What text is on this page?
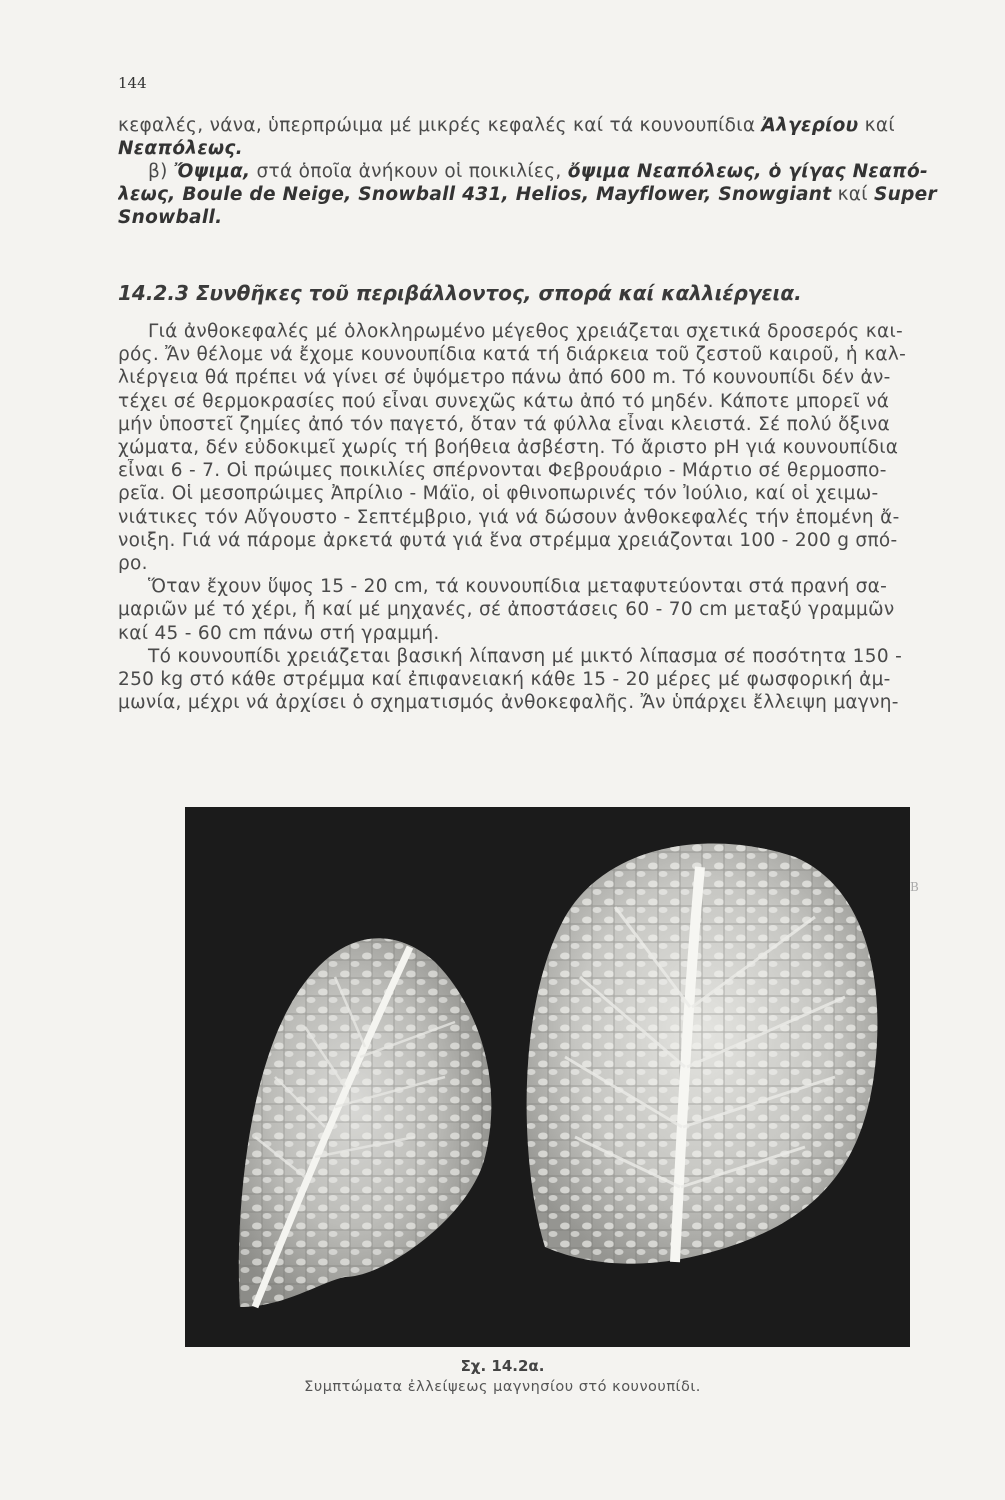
144
κεφαλές, νάνα, ὑπερπρώιμα μέ μικρές κεφαλές καί τά κουνουπίδια Ἀλγερίου καί
Νεαπόλεως.
β) Ὄψιμα, στά ὁποῖα ἀνήκουν οἱ ποικιλίες, ὄψιμα Νεαπόλεως, ὁ γίγας Νεαπό-
λεως, Boule de Neige, Snowball 431, Helios, Mayflower, Snowgiant καί Super
Snowball.
14.2.3 Συνθῆκες τοῦ περιβάλλοντος, σπορά καί καλλιέργεια.
Γιά ἀνθοκεφαλές μέ ὁλοκληρωμένο μέγεθος χρειάζεται σχετικά δροσερός και-
ρός. Ἄν θέλομε νά ἔχομε κουνουπίδια κατά τή διάρκεια τοῦ ζεστοῦ καιροῦ, ἡ καλ-
λιέργεια θά πρέπει νά γίνει σέ ὑψόμετρο πάνω ἀπό 600 m. Τό κουνουπίδι δέν ἀν-
τέχει σέ θερμοκρασίες πού εἶναι συνεχῶς κάτω ἀπό τό μηδέν. Κάποτε μπορεῖ νά
μήν ὑποστεῖ ζημίες ἀπό τόν παγετό, ὅταν τά φύλλα εἶναι κλειστά. Σέ πολύ ὄξινα
χώματα, δέν εὐδοκιμεῖ χωρίς τή βοήθεια ἀσβέστη. Τό ἄριστο pH γιά κουνουπίδια
εἶναι 6 - 7. Οἱ πρώιμες ποικιλίες σπέρνονται Φεβρουάριο - Μάρτιο σέ θερμοσπο-
ρεῖα. Οἱ μεσοπρώιμες Ἀπρίλιο - Μάϊο, οἱ φθινοπωρινές τόν Ἰούλιο, καί οἱ χειμω-
νιάτικες τόν Αὔγουστο - Σεπτέμβριο, γιά νά δώσουν ἀνθοκεφαλές τήν ἑπομένη ἄ-
νοιξη. Γιά νά πάρομε ἀρκετά φυτά γιά ἕνα στρέμμα χρειάζονται 100 - 200 g σπό-
ρο.
Ὅταν ἔχουν ὕψος 15 - 20 cm, τά κουνουπίδια μεταφυτεύονται στά πρανή σα-
μαριῶν μέ τό χέρι, ἤ καί μέ μηχανές, σέ ἀποστάσεις 60 - 70 cm μεταξύ γραμμῶν
καί 45 - 60 cm πάνω στή γραμμή.
Τό κουνουπίδι χρειάζεται βασική λίπανση μέ μικτό λίπασμα σέ ποσότητα 150 -
250 kg στό κάθε στρέμμα καί ἐπιφανειακή κάθε 15 - 20 μέρες μέ φωσφορική ἀμ-
μωνία, μέχρι νά ἀρχίσει ὁ σχηματισμός ἀνθοκεφαλῆς. Ἄν ὑπάρχει ἔλλειψη μαγνη-
B
Σχ. 14.2α.
Συμπτώματα ἐλλείψεως μαγνησίου στό κουνουπίδι.
